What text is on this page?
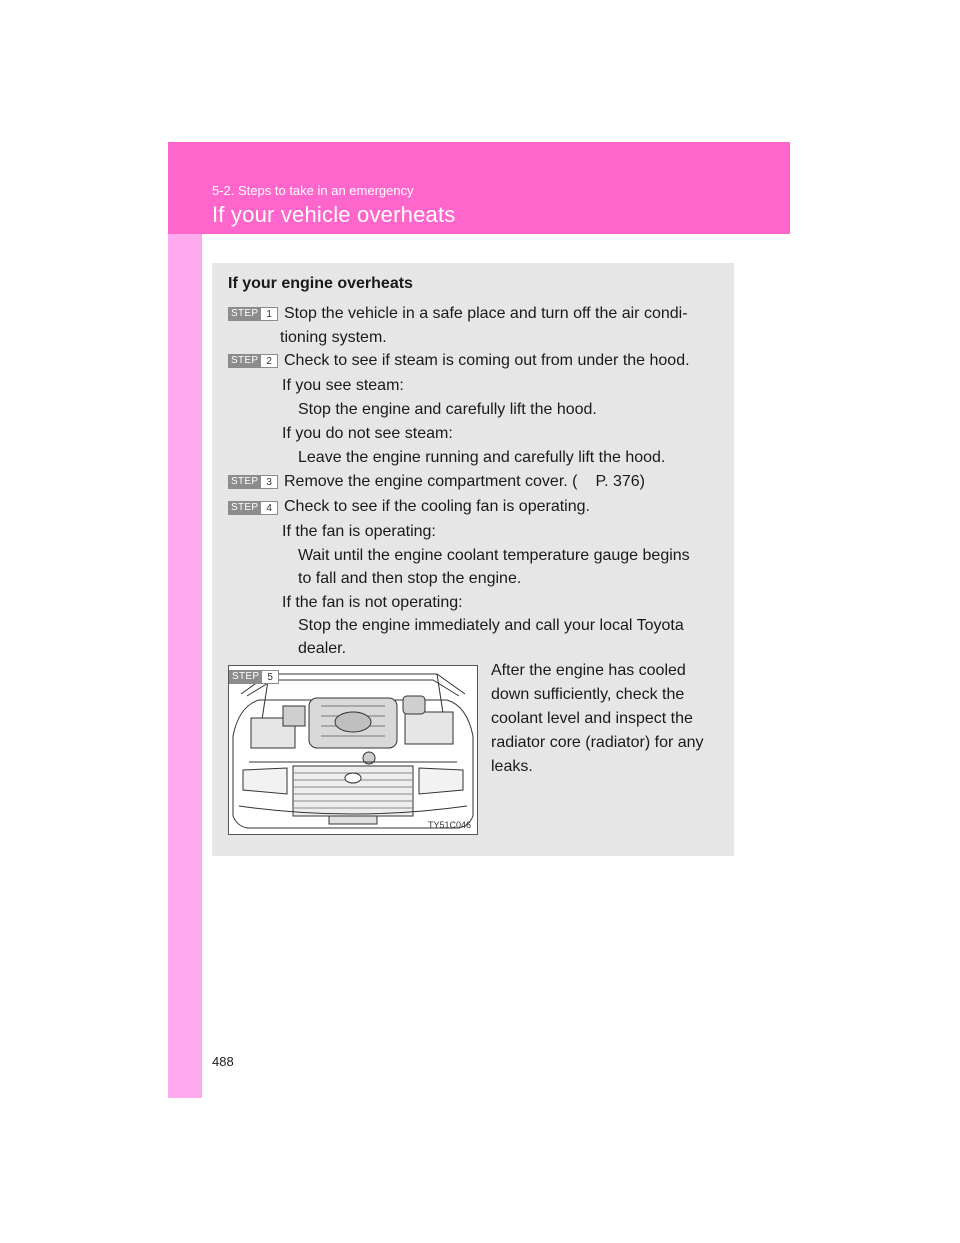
5-2. Steps to take in an emergency
If your vehicle overheats
If your engine overheats
STEP 1 Stop the vehicle in a safe place and turn off the air condi-
tioning system.
STEP 2 Check to see if steam is coming out from under the hood.
If you see steam:
Stop the engine and carefully lift the hood.
If you do not see steam:
Leave the engine running and carefully lift the hood.
STEP 3 Remove the engine compartment cover. ( P. 376)
STEP 4 Check to see if the cooling fan is operating.
If the fan is operating:
Wait until the engine coolant temperature gauge begins
to fall and then stop the engine.
If the fan is not operating:
Stop the engine immediately and call your local Toyota
dealer.
STEP 5
TY51C046
After the engine has cooled
down sufficiently, check the
coolant level and inspect the
radiator core (radiator) for any
leaks.
488
